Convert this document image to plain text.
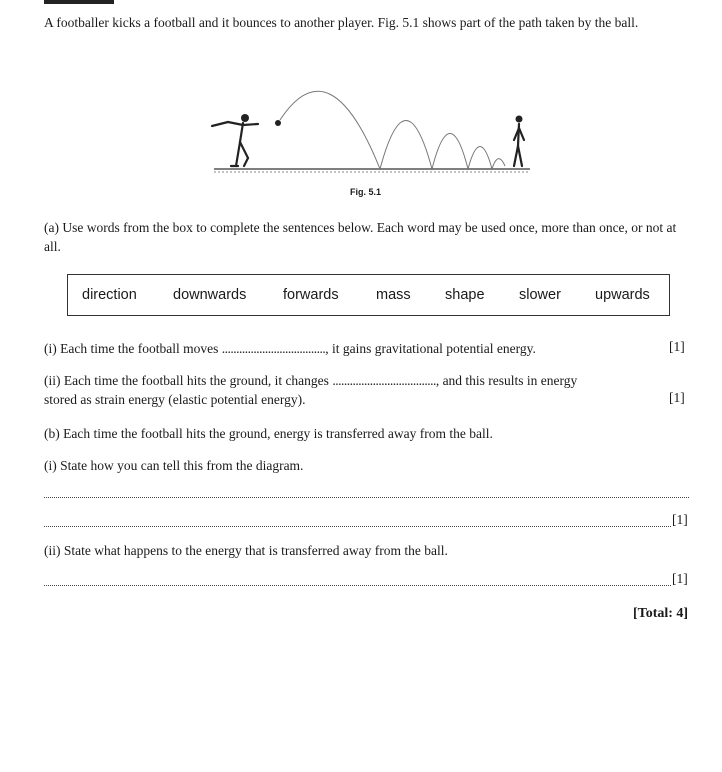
A footballer kicks a football and it bounces to another player. Fig. 5.1 shows part of the path taken by the ball.

Fig. 5.1

(a) Use words from the box to complete the sentences below. Each word may be used once, more than once, or not at all.

direction downwards	forwards	mass shape slower upwards
(i) Each time the football moves ...................................., it gains gravitational potential energy.	[1]
(ii) Each time the football hits the ground, it changes ...................................., and this results in energy
stored as strain energy (elastic potential energy).	[1]
(b) Each time the football hits the ground, energy is transferred away from the ball.
(i) State how you can tell this from the diagram.
[1]
(ii) State what happens to the energy that is transferred away from the ball.
[1]
[Total: 4]
